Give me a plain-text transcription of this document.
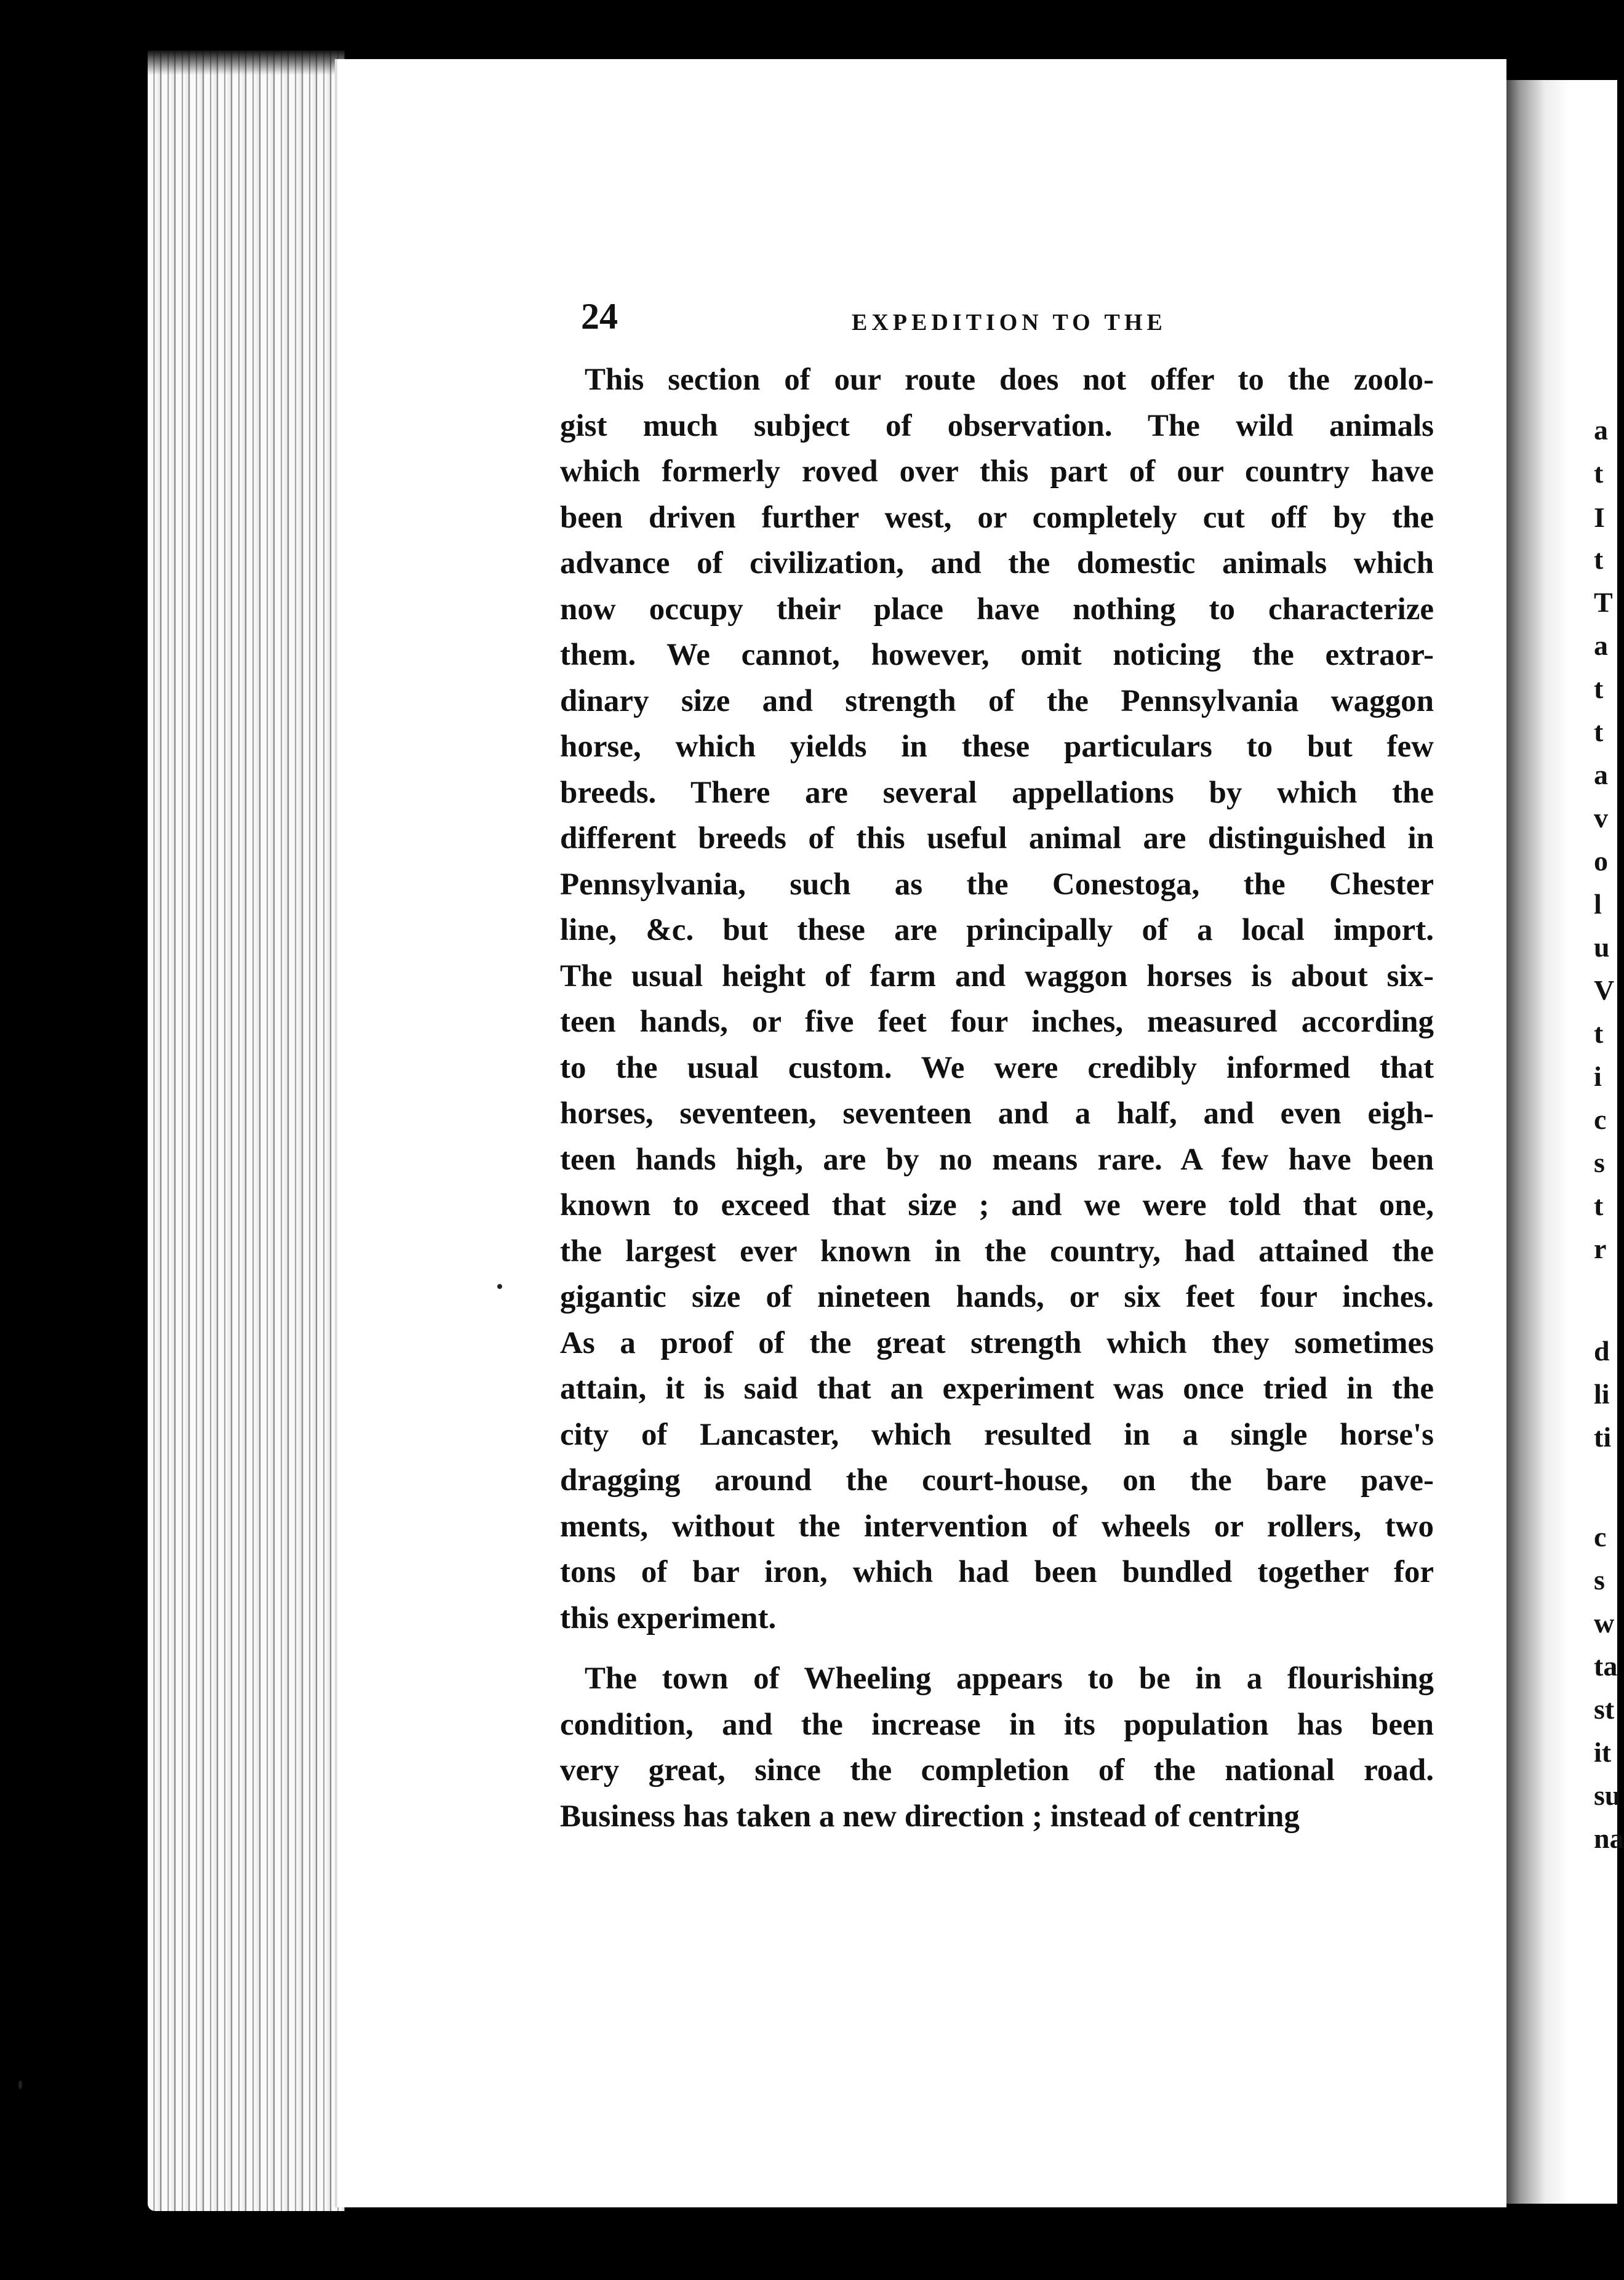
a
t
I
t
T
a
t
t
a
v
o
l
u
V
t
i
c
s
t
r
d
li
ti
c
s
w
ta
st
it
su
na
24	EXPEDITION TO THE
This section of our route does not offer to the zoolo-
gist much subject of observation. The wild animals
which formerly roved over this part of our country have
been driven further west, or completely cut off by the
advance of civilization, and the domestic animals which
now occupy their place have nothing to characterize
them. We cannot, however, omit noticing the extraor-
dinary size and strength of the Pennsylvania waggon
horse, which yields in these particulars to but few
breeds. There are several appellations by which the
different breeds of this useful animal are distinguished in
Pennsylvania, such as the Conestoga, the Chester
line, &c. but these are principally of a local import.
The usual height of farm and waggon horses is about six-
teen hands, or five feet four inches, measured according
to the usual custom. We were credibly informed that
horses, seventeen, seventeen and a half, and even eigh-
teen hands high, are by no means rare. A few have been
known to exceed that size ; and we were told that one,
the largest ever known in the country, had attained the
gigantic size of nineteen hands, or six feet four inches.
As a proof of the great strength which they sometimes
attain, it is said that an experiment was once tried in the
city of Lancaster, which resulted in a single horse's
dragging around the court-house, on the bare pave-
ments, without the intervention of wheels or rollers, two
tons of bar iron, which had been bundled together for
this experiment.
The town of Wheeling appears to be in a flourishing
condition, and the increase in its population has been
very great, since the completion of the national road.
Business has taken a new direction ; instead of centring
